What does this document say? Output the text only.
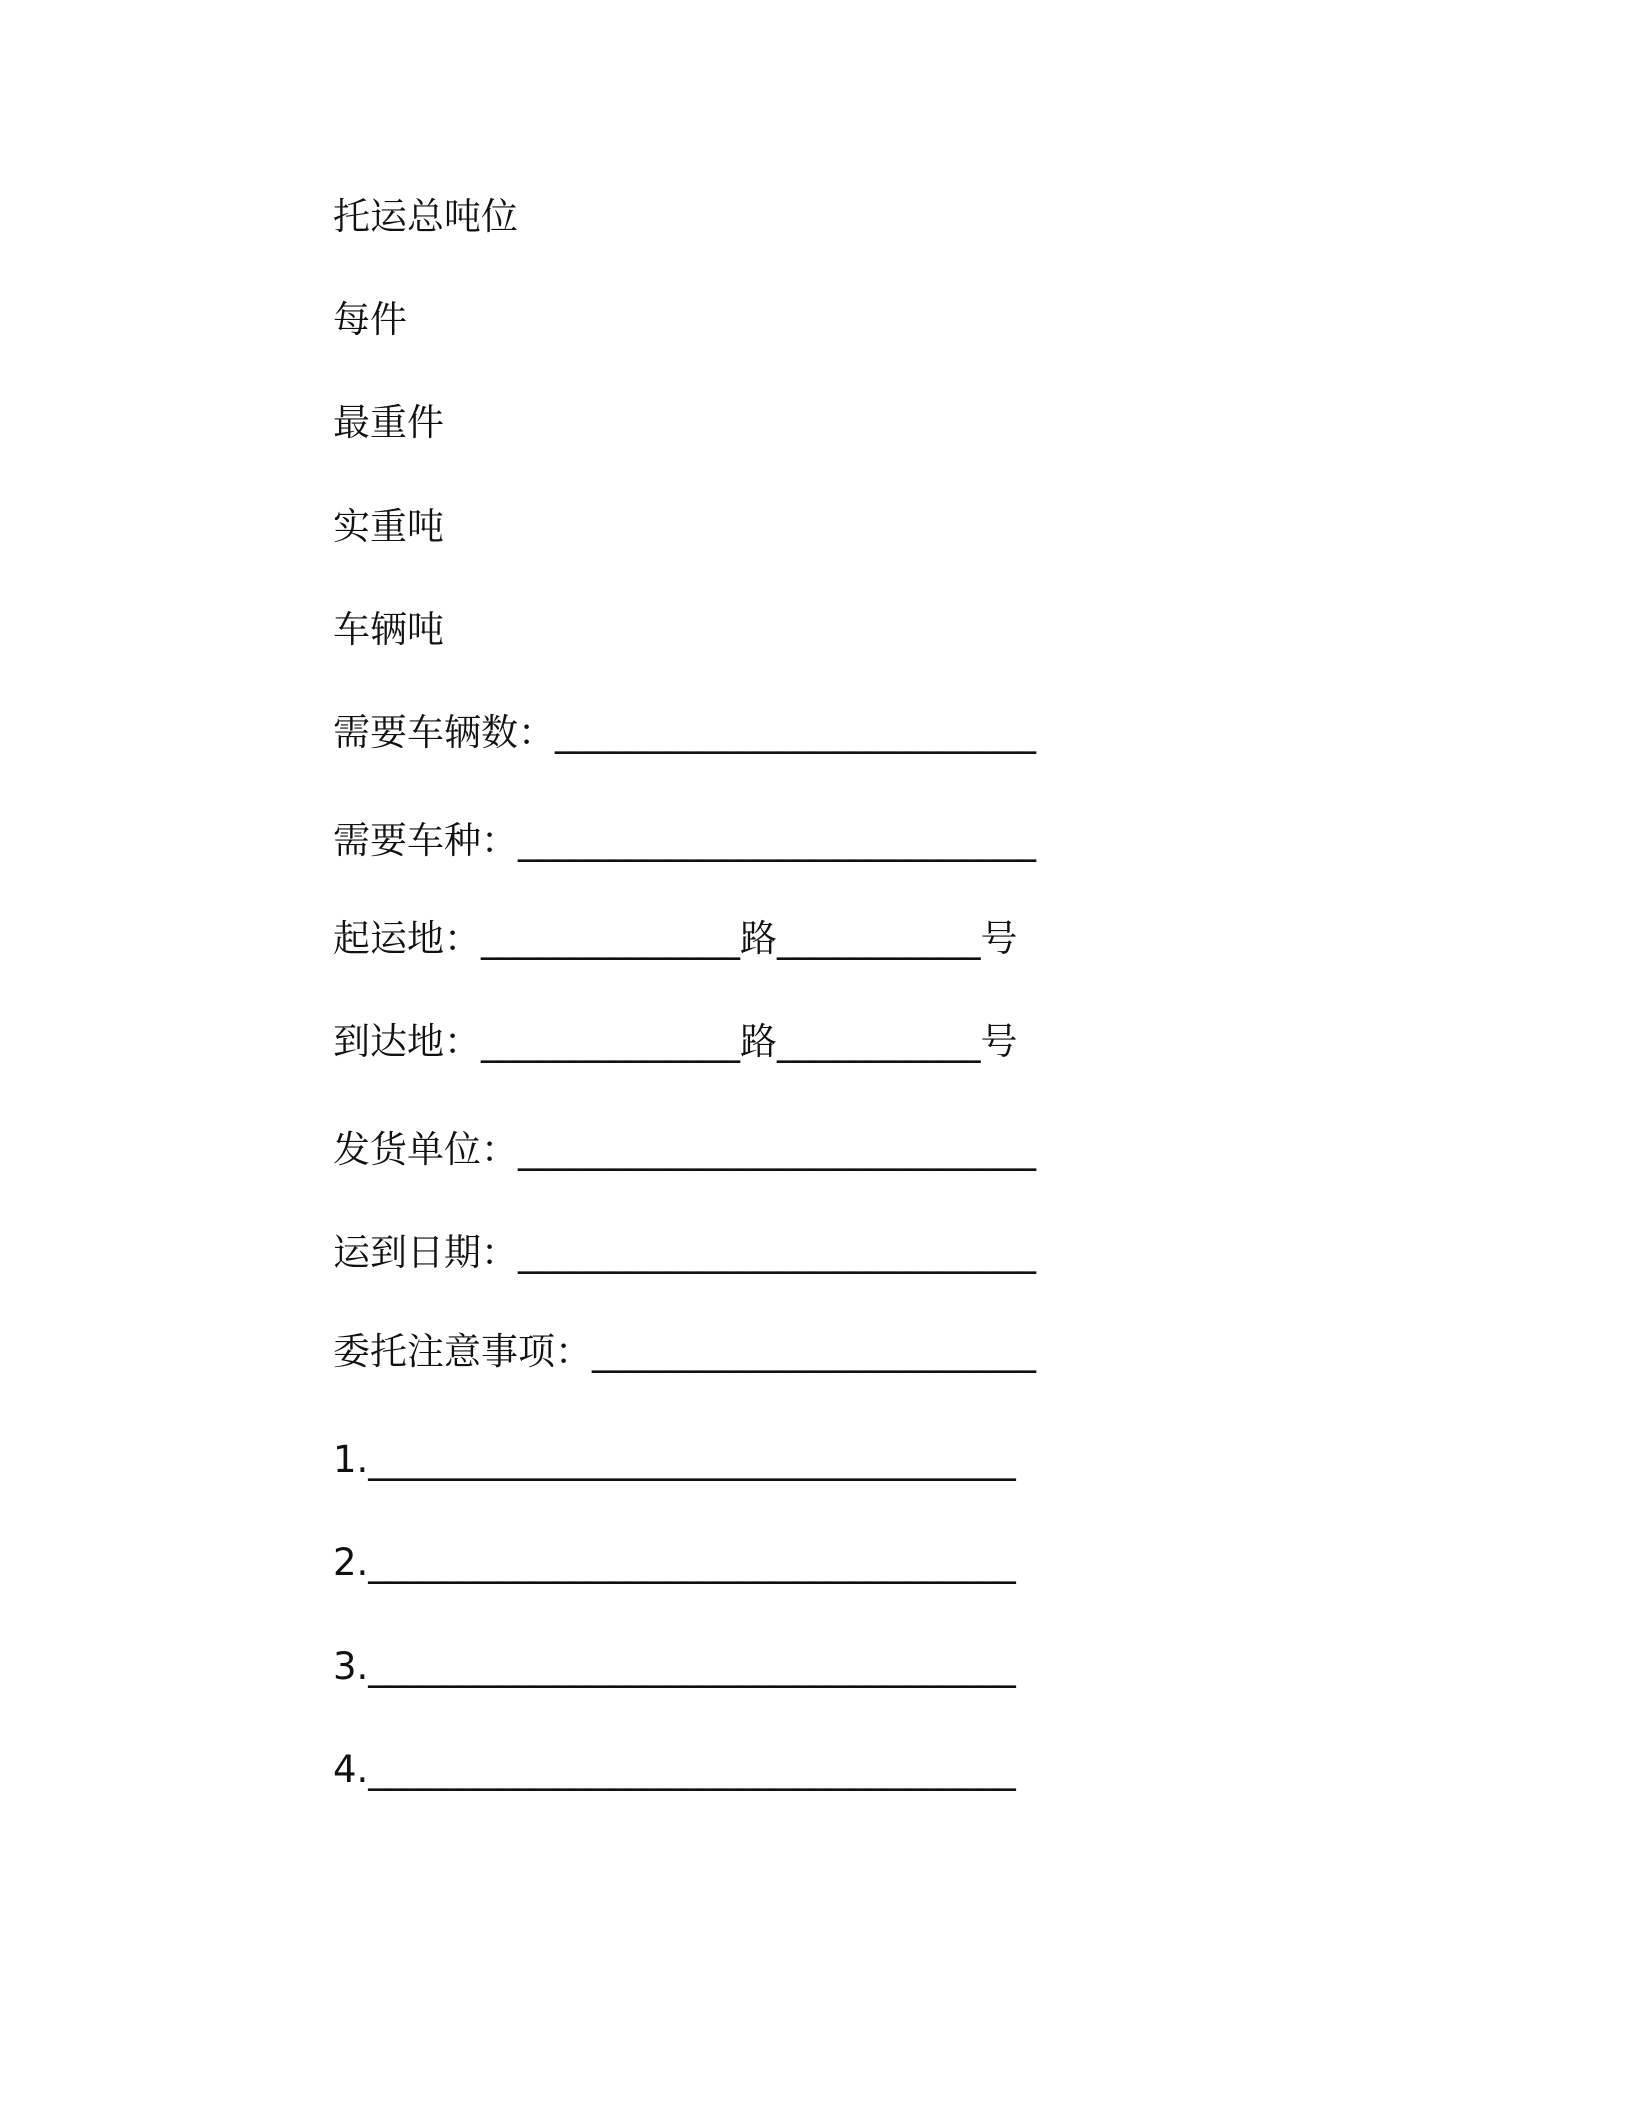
托运总吨位
每件
最重件
实重吨
车辆吨
需要车辆数：__________________________
需要车种：____________________________
起运地：______________路___________号
到达地：______________路___________号
发货单位：____________________________
运到日期：____________________________
委托注意事项：________________________
1.___________________________________
2.___________________________________
3.___________________________________
4.___________________________________
